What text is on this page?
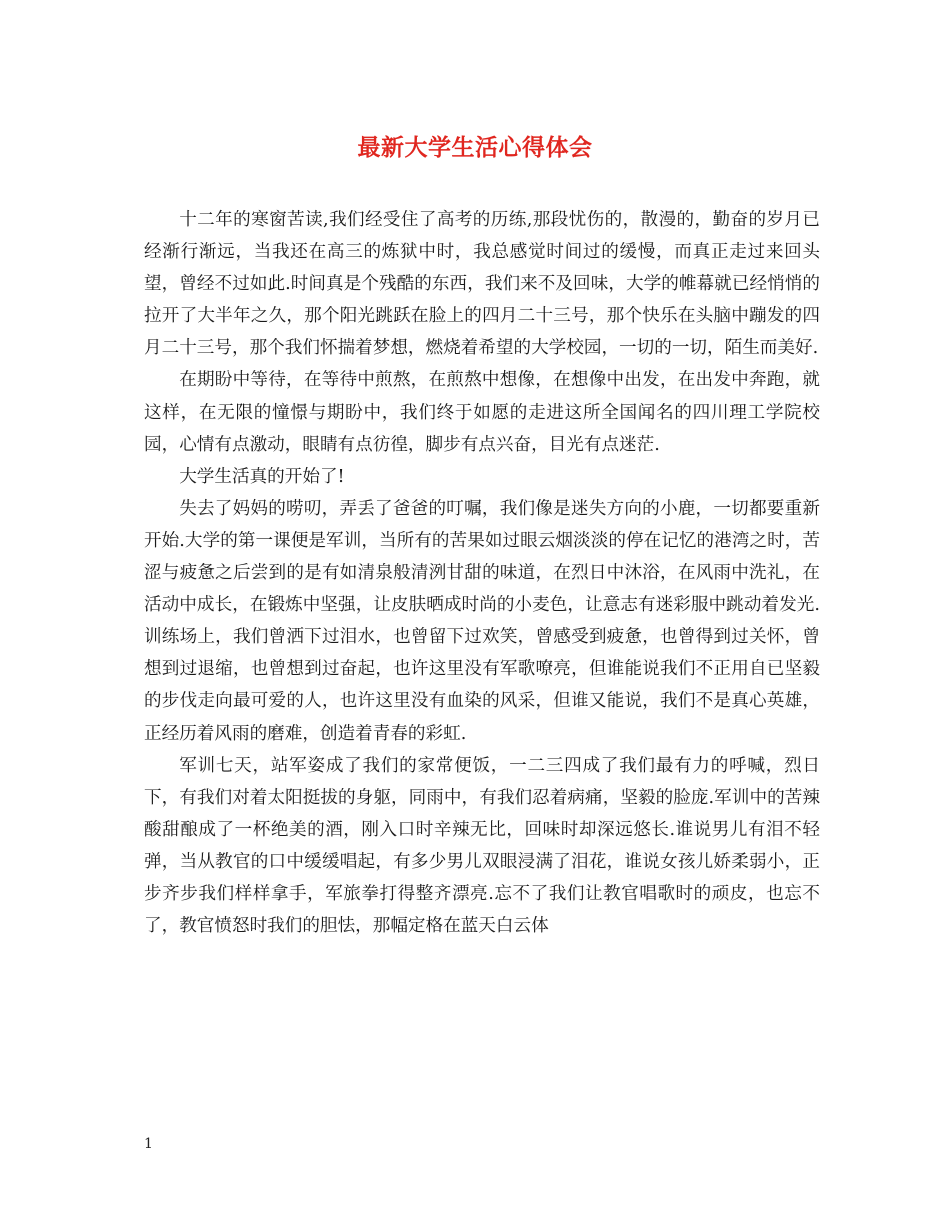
最新大学生活心得体会

十二年的寒窗苦读,我们经受住了高考的历练,那段忧伤的，散漫的，勤奋的岁月已经渐行渐远，当我还在高三的炼狱中时，我总感觉时间过的缓慢，而真正走过来回头望，曾经不过如此.时间真是个残酷的东西，我们来不及回味，大学的帷幕就已经悄悄的拉开了大半年之久，那个阳光跳跃在脸上的四月二十三号，那个快乐在头脑中蹦发的四月二十三号，那个我们怀揣着梦想，燃烧着希望的大学校园，一切的一切，陌生而美好.

在期盼中等待，在等待中煎熬，在煎熬中想像，在想像中出发，在出发中奔跑，就这样，在无限的憧憬与期盼中，我们终于如愿的走进这所全国闻名的四川理工学院校园，心情有点激动，眼睛有点彷徨，脚步有点兴奋，目光有点迷茫.

大学生活真的开始了!

失去了妈妈的唠叨，弄丢了爸爸的叮嘱，我们像是迷失方向的小鹿，一切都要重新开始.大学的第一课便是军训，当所有的苦果如过眼云烟淡淡的停在记忆的港湾之时，苦涩与疲惫之后尝到的是有如清泉般清洌甘甜的味道，在烈日中沐浴，在风雨中洗礼，在活动中成长，在锻炼中坚强，让皮肤晒成时尚的小麦色，让意志有迷彩服中跳动着发光.训练场上，我们曾洒下过泪水，也曾留下过欢笑，曾感受到疲惫，也曾得到过关怀，曾想到过退缩，也曾想到过奋起，也许这里没有军歌嘹亮，但谁能说我们不正用自已坚毅的步伐走向最可爱的人，也许这里没有血染的风采，但谁又能说，我们不是真心英雄，正经历着风雨的磨难，创造着青春的彩虹.

军训七天，站军姿成了我们的家常便饭，一二三四成了我们最有力的呼喊，烈日下，有我们对着太阳挺拔的身躯，同雨中，有我们忍着病痛，坚毅的脸庞.军训中的苦辣酸甜酿成了一杯绝美的酒，刚入口时辛辣无比，回味时却深远悠长.谁说男儿有泪不轻弹，当从教官的口中缓缓唱起，有多少男儿双眼浸满了泪花，谁说女孩儿娇柔弱小，正步齐步我们样样拿手，军旅拳打得整齐漂亮.忘不了我们让教官唱歌时的顽皮，也忘不了，教官愤怒时我们的胆怯，那幅定格在蓝天白云体

1
